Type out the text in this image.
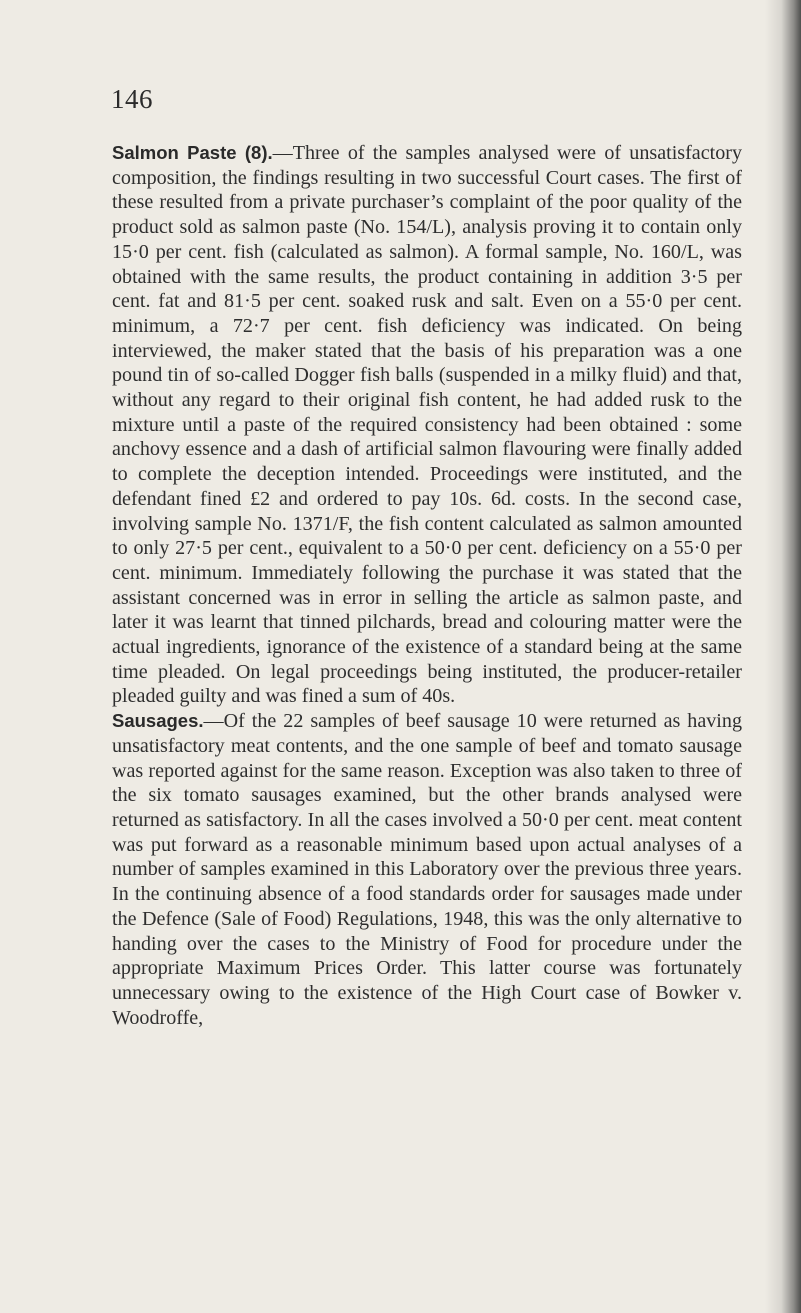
146

Salmon Paste (8).—Three of the samples analysed were of unsatisfactory composition, the findings resulting in two successful Court cases. The first of these resulted from a private purchaser’s complaint of the poor quality of the product sold as salmon paste (No. 154/L), analysis proving it to contain only 15·0 per cent. fish (calculated as salmon). A formal sample, No. 160/L, was obtained with the same results, the product containing in addition 3·5 per cent. fat and 81·5 per cent. soaked rusk and salt. Even on a 55·0 per cent. minimum, a 72·7 per cent. fish deficiency was indicated. On being interviewed, the maker stated that the basis of his preparation was a one pound tin of so-called Dogger fish balls (suspended in a milky fluid) and that, without any regard to their original fish content, he had added rusk to the mixture until a paste of the required consistency had been obtained : some anchovy essence and a dash of artificial salmon flavouring were finally added to complete the deception intended. Proceedings were instituted, and the defendant fined £2 and ordered to pay 10s. 6d. costs. In the second case, involving sample No. 1371/F, the fish content calculated as salmon amounted to only 27·5 per cent., equivalent to a 50·0 per cent. deficiency on a 55·0 per cent. minimum. Immediately following the purchase it was stated that the assistant concerned was in error in selling the article as salmon paste, and later it was learnt that tinned pilchards, bread and colouring matter were the actual ingredients, ignorance of the existence of a standard being at the same time pleaded. On legal proceedings being instituted, the producer-retailer pleaded guilty and was fined a sum of 40s.

Sausages.—Of the 22 samples of beef sausage 10 were returned as having unsatisfactory meat contents, and the one sample of beef and tomato sausage was reported against for the same reason. Exception was also taken to three of the six tomato sausages examined, but the other brands analysed were returned as satisfactory. In all the cases involved a 50·0 per cent. meat content was put forward as a reasonable minimum based upon actual analyses of a number of samples examined in this Laboratory over the previous three years. In the continuing absence of a food standards order for sausages made under the Defence (Sale of Food) Regulations, 1948, this was the only alternative to handing over the cases to the Ministry of Food for procedure under the appropriate Maximum Prices Order. This latter course was fortunately unnecessary owing to the existence of the High Court case of Bowker v. Woodroffe,
